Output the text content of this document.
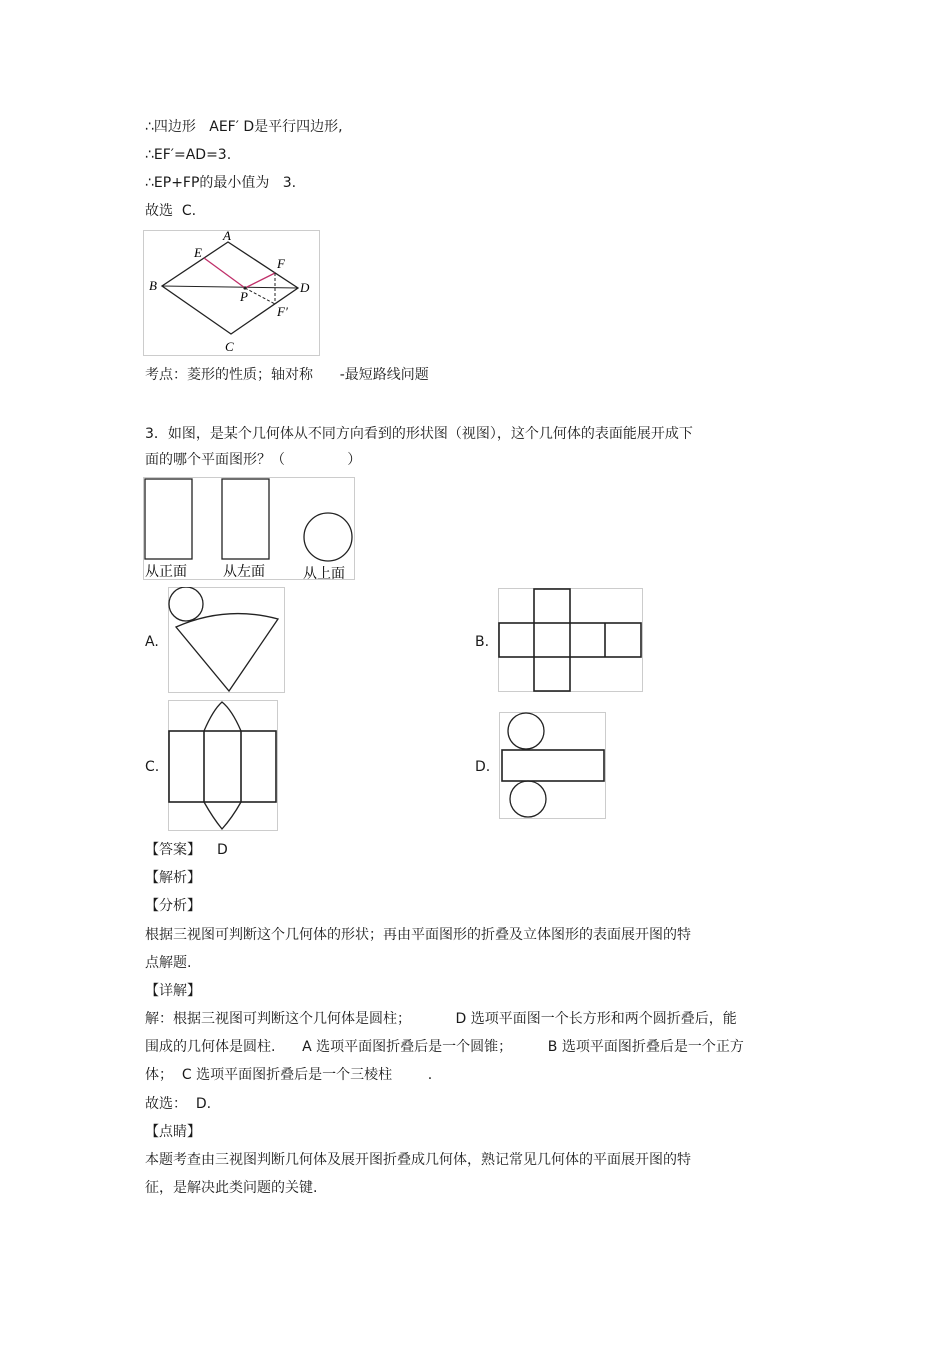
∴四边形   AEF′ D是平行四边形,
∴EF′=AD=3.
∴EP+FP的最小值为   3.
故选  C.
A
B
C
D
E
F
P
F′
考点：菱形的性质；轴对称      -最短路线问题
3．如图，是某个几何体从不同方向看到的形状图（视图），这个几何体的表面能展开成下
面的哪个平面图形？（              ）
从正面	从左面	从上面
A.	B.
C.	D.
【答案】 D
【解析】
【分析】
根据三视图可判断这个几何体的形状；再由平面图形的折叠及立体图形的表面展开图的特
点解题.
【详解】
解：根据三视图可判断这个几何体是圆柱；          D 选项平面图一个长方形和两个圆折叠后，能
围成的几何体是圆柱.      A 选项平面图折叠后是一个圆锥；        B 选项平面图折叠后是一个正方
体；  C 选项平面图折叠后是一个三棱柱        .
故选：  D.
【点睛】
本题考查由三视图判断几何体及展开图折叠成几何体，熟记常见几何体的平面展开图的特
征，是解决此类问题的关键.
